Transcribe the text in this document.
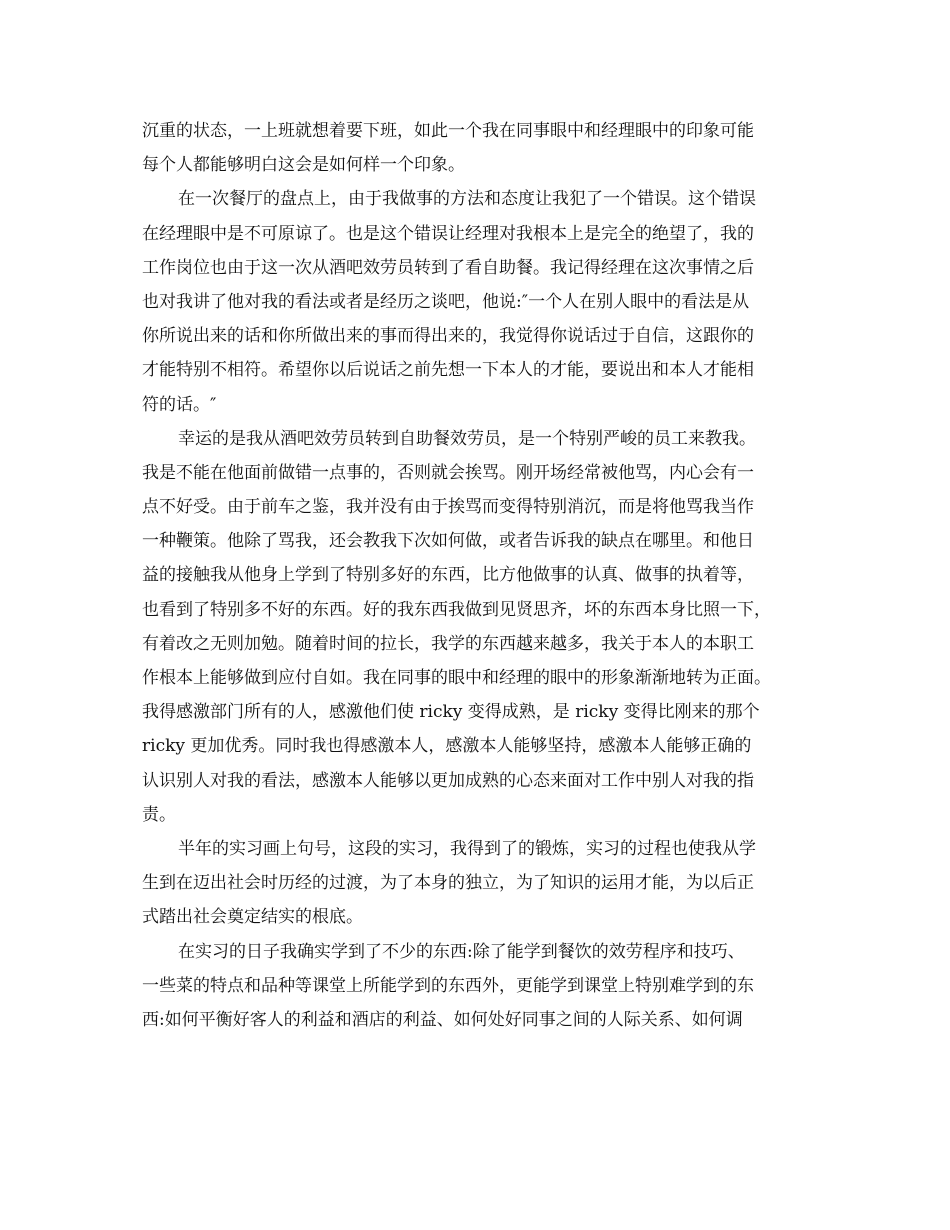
沉重的状态，一上班就想着要下班，如此一个我在同事眼中和经理眼中的印象可能
每个人都能够明白这会是如何样一个印象。
在一次餐厅的盘点上，由于我做事的方法和态度让我犯了一个错误。这个错误
在经理眼中是不可原谅了。也是这个错误让经理对我根本上是完全的绝望了，我的
工作岗位也由于这一次从酒吧效劳员转到了看自助餐。我记得经理在这次事情之后
也对我讲了他对我的看法或者是经历之谈吧，他说:″一个人在别人眼中的看法是从
你所说出来的话和你所做出来的事而得出来的，我觉得你说话过于自信，这跟你的
才能特别不相符。希望你以后说话之前先想一下本人的才能，要说出和本人才能相
符的话。″
幸运的是我从酒吧效劳员转到自助餐效劳员，是一个特别严峻的员工来教我。
我是不能在他面前做错一点事的，否则就会挨骂。刚开场经常被他骂，内心会有一
点不好受。由于前车之鉴，我并没有由于挨骂而变得特别消沉，而是将他骂我当作
一种鞭策。他除了骂我，还会教我下次如何做，或者告诉我的缺点在哪里。和他日
益的接触我从他身上学到了特别多好的东西，比方他做事的认真、做事的执着等，
也看到了特别多不好的东西。好的我东西我做到见贤思齐，坏的东西本身比照一下，
有着改之无则加勉。随着时间的拉长，我学的东西越来越多，我关于本人的本职工
作根本上能够做到应付自如。我在同事的眼中和经理的眼中的形象渐渐地转为正面。
我得感激部门所有的人，感激他们使 ricky 变得成熟，是 ricky 变得比刚来的那个
ricky 更加优秀。同时我也得感激本人，感激本人能够坚持，感激本人能够正确的
认识别人对我的看法，感激本人能够以更加成熟的心态来面对工作中别人对我的指
责。
半年的实习画上句号，这段的实习，我得到了的锻炼，实习的过程也使我从学
生到在迈出社会时历经的过渡，为了本身的独立，为了知识的运用才能，为以后正
式踏出社会奠定结实的根底。
在实习的日子我确实学到了不少的东西:除了能学到餐饮的效劳程序和技巧、
一些菜的特点和品种等课堂上所能学到的东西外，更能学到课堂上特别难学到的东
西:如何平衡好客人的利益和酒店的利益、如何处好同事之间的人际关系、如何调
